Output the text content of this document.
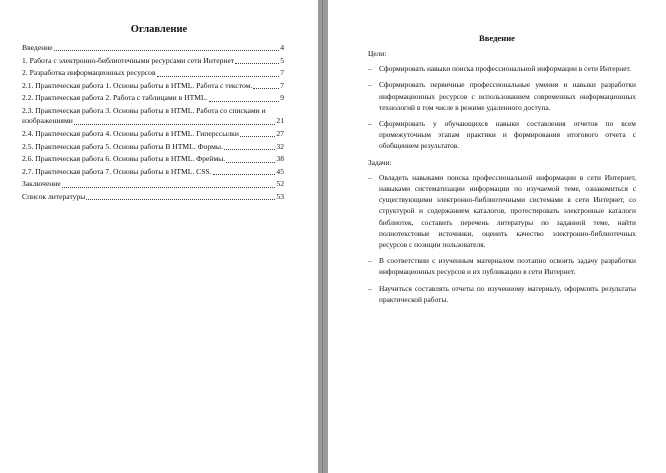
Оглавление
Введение	4
1. Работа с электронно-библиотечными ресурсами сети Интернет	5
2. Разработка информационных ресурсов	7
2.1. Практическая работа 1. Основы работы в HTML. Работа с текстом.	7
2.2. Практическая работа 2. Работа с таблицами в HTML.	9
2.3. Практическая работа 3. Основы работы в HTML. Работа со списками и
изображениями	21
2.4. Практическая работа 4. Основы работы в HTML. Гиперссылки	27
2.5. Практическая работа 5. Основы работы В HTML. Формы.	32
2.6. Практическая работа 6. Основы работы в HTML. Фреймы.	38
2.7. Практическая работа 7. Основы работы в HTML. CSS.	45
Заключение	52
Список литературы	53
Введение
Цели:
– Сформировать навыки поиска профессиональной информации в сети Интернет.
– Сформировать первичные профессиональные умения и навыки разработки информационных ресурсов с использованием современных информационных технологий в том числе в режиме удаленного доступа.
– Сформировать у обучающихся навыки составления отчетов по всем промежуточным этапам практики и формирования итогового отчета с обобщением результатов.
Задачи:
– Овладеть навыками поиска профессиональной информации в сети Интернет, навыками систематизации информации по изучаемой теме, ознакомиться с существующими электронно-библиотечными системами в сети Интернет, со структурой и содержанием каталогов, протестировать электронные каталоги библиотек, составить перечень литературы по заданной теме, найти полнотекстовые источники, оценить качество электронно-библиотечных ресурсов с позиции пользователя.
– В соответствии с изученным материалом поэтапно освоить задачу разработки информационных ресурсов и их публикацию в сети Интернет.
– Научиться составлять отчеты по изученному материалу, оформлять результаты практической работы.
